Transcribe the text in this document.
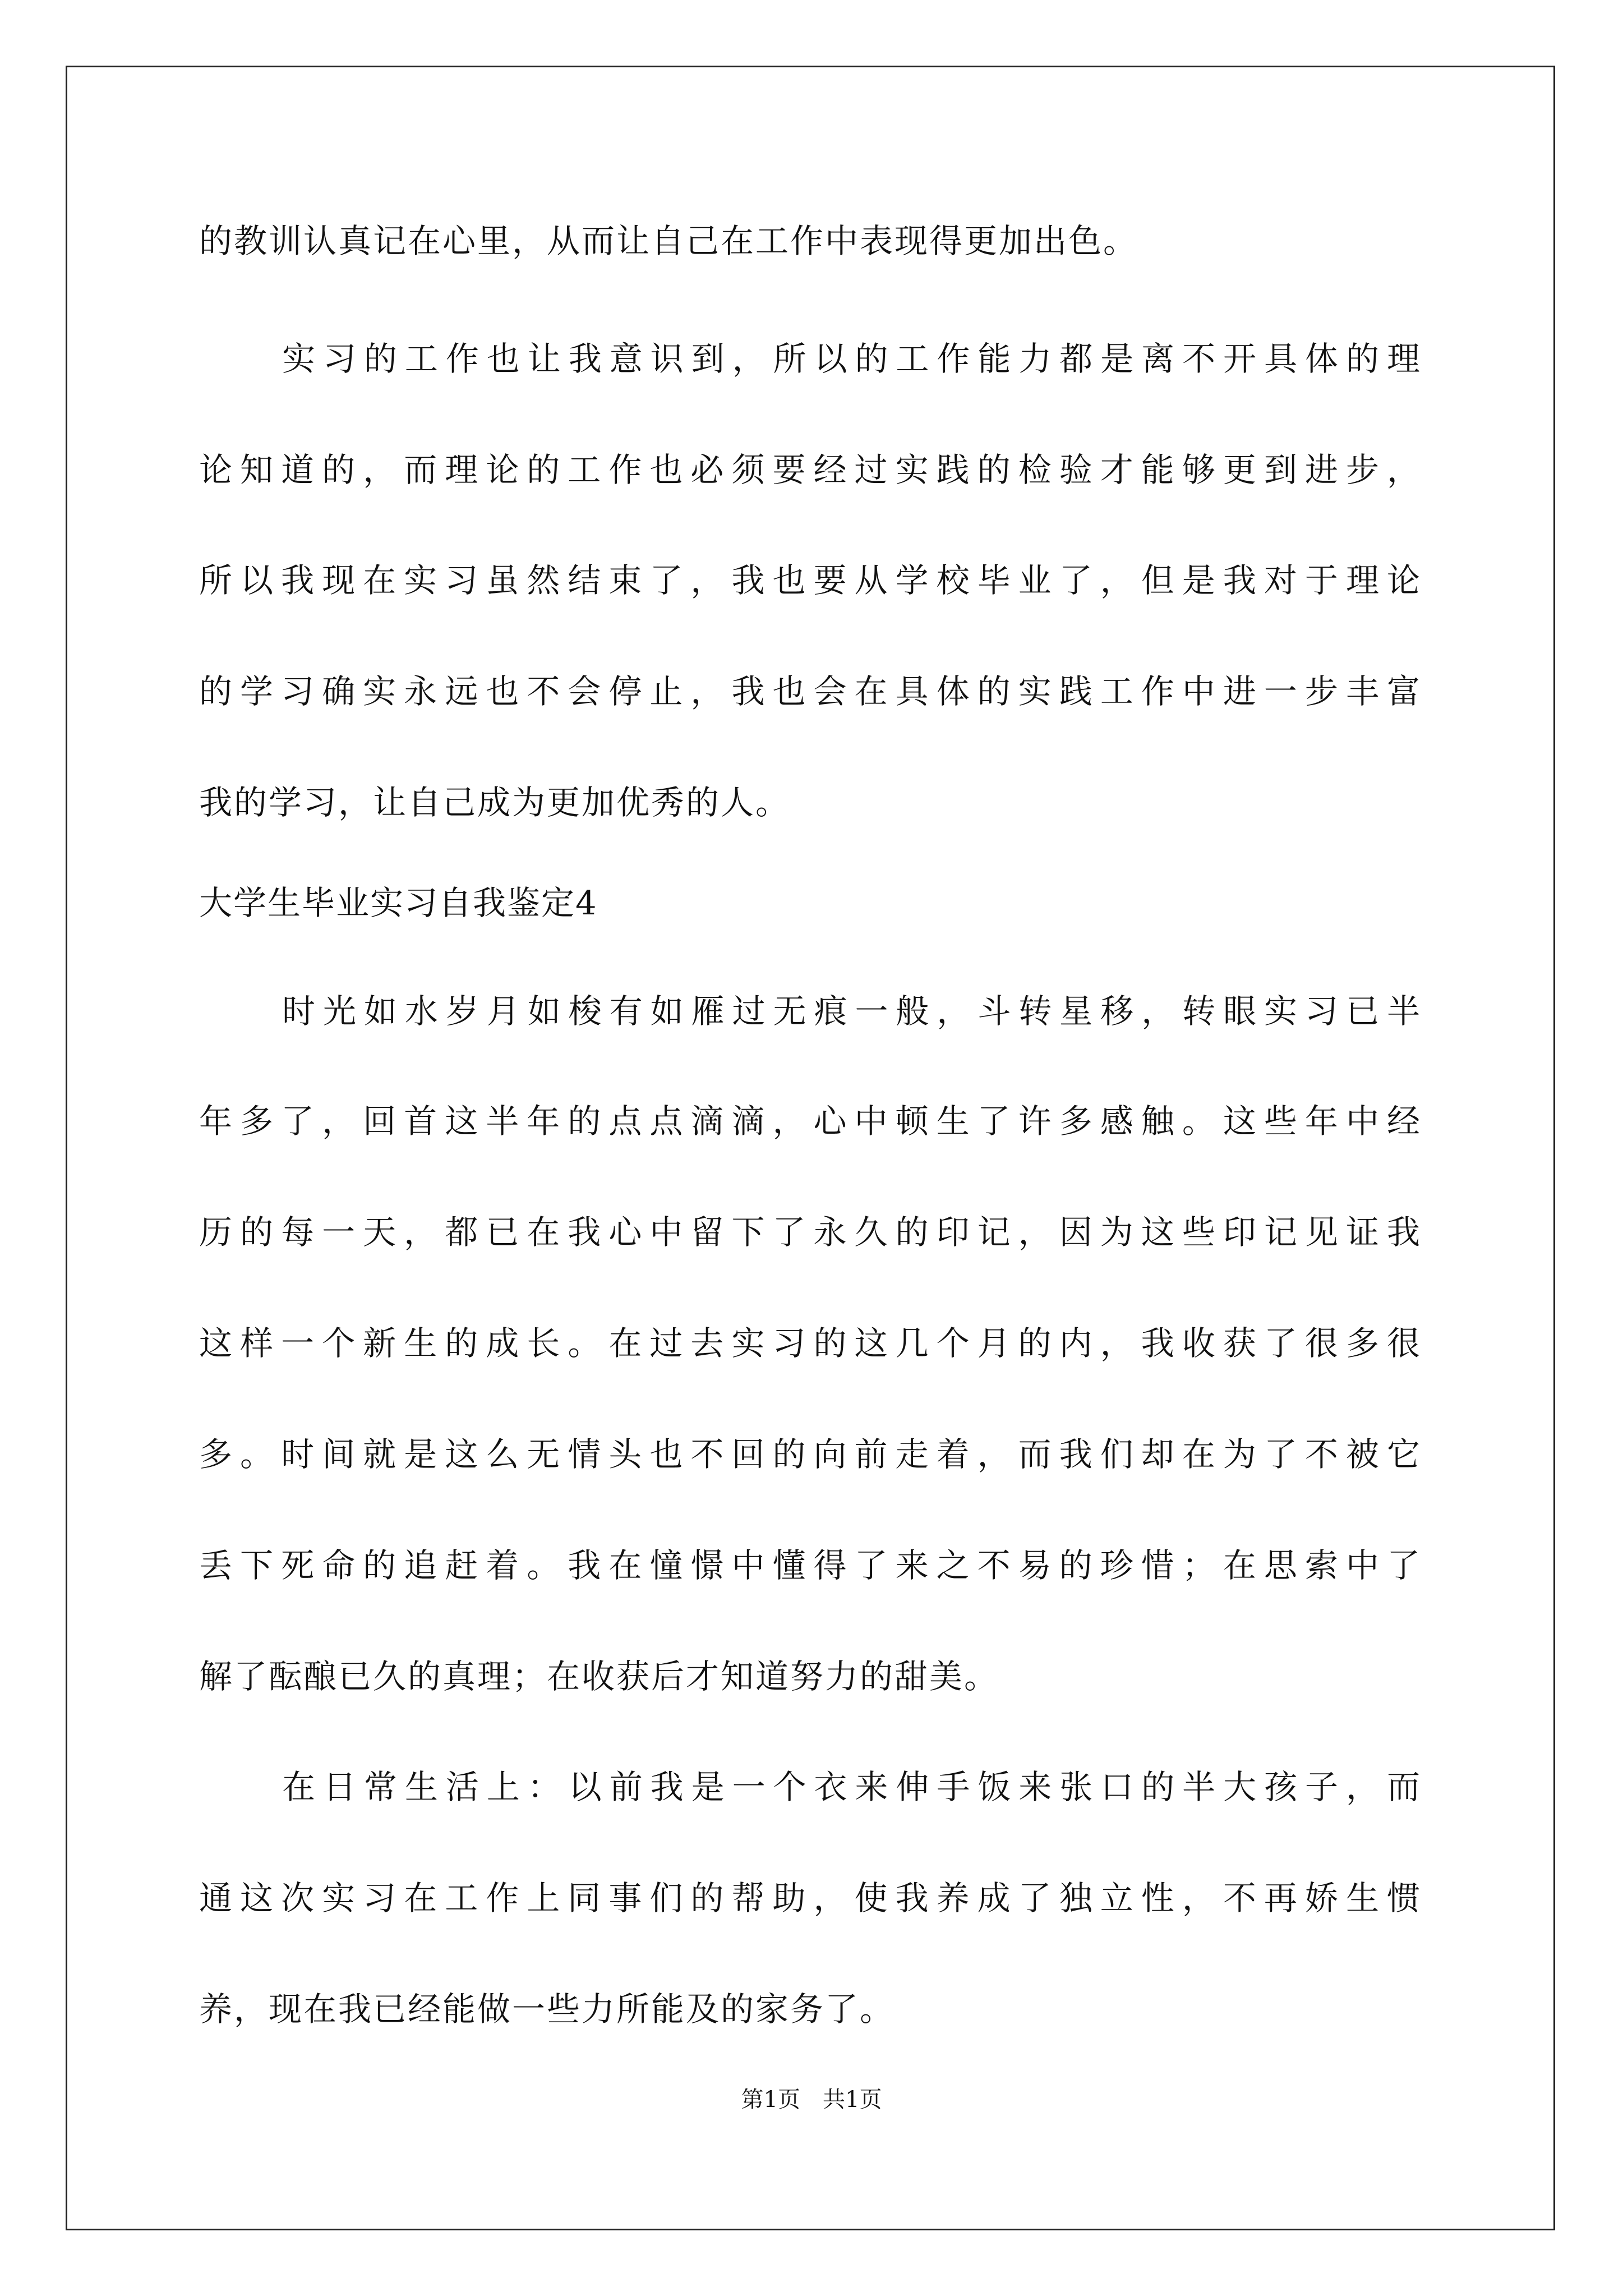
的教训认真记在心里，从而让自己在工作中表现得更加出色。
实习的工作也让我意识到，所以的工作能力都是离不开具体的理
论知道的，而理论的工作也必须要经过实践的检验才能够更到进步，
所以我现在实习虽然结束了，我也要从学校毕业了，但是我对于理论
的学习确实永远也不会停止，我也会在具体的实践工作中进一步丰富
我的学习，让自己成为更加优秀的人。
大学生毕业实习自我鉴定4
时光如水岁月如梭有如雁过无痕一般，斗转星移，转眼实习已半
年多了，回首这半年的点点滴滴，心中顿生了许多感触。这些年中经
历的每一天，都已在我心中留下了永久的印记，因为这些印记见证我
这样一个新生的成长。在过去实习的这几个月的内，我收获了很多很
多。时间就是这么无情头也不回的向前走着，而我们却在为了不被它
丢下死命的追赶着。我在憧憬中懂得了来之不易的珍惜；在思索中了
解了酝酿已久的真理；在收获后才知道努力的甜美。
在日常生活上：以前我是一个衣来伸手饭来张口的半大孩子，而
通这次实习在工作上同事们的帮助，使我养成了独立性，不再娇生惯
养，现在我已经能做一些力所能及的家务了。
第1页　共1页
